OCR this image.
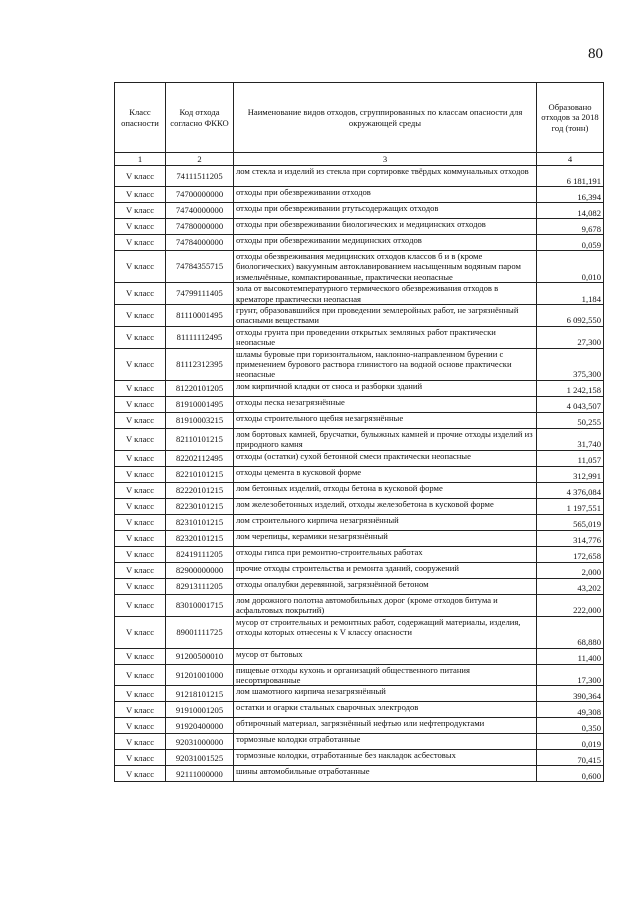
80
Класс опасности	Код отхода согласно ФККО	Наименование видов отходов, сгруппированных по классам опасности для окружающей среды	Образовано отходов за 2018 год (тонн)
1	2	3	4
V класс	74111511205	лом стекла и изделий из стекла при сортировке твёрдых коммунальных отходов	6 181,191
V класс	74700000000	отходы при обезвреживании отходов	16,394
V класс	74740000000	отходы при обезвреживании ртутьсодержащих отходов	14,082
V класс	74780000000	отходы при обезвреживании биологических и медицинских отходов	9,678
V класс	74784000000	отходы при обезвреживании медицинских отходов	0,059
V класс	74784355715	отходы обезвреживания медицинских отходов классов б и в (кроме биологических) вакуумным автоклавированием насыщенным водяным паром измельчённые, компактированные, практически неопасные	0,010
V класс	74799111405	зола от высокотемпературного термического обезвреживания отходов в крематоре практически неопасная	1,184
V класс	81110001495	грунт, образовавшийся при проведении землеройных работ, не загрязнённый опасными веществами	6 092,550
V класс	81111112495	отходы грунта при проведении открытых земляных работ практически неопасные	27,300
V класс	81112312395	шламы буровые при горизонтальном, наклонно-направленном бурении с применением бурового раствора глинистого на водной основе практически неопасные	375,300
V класс	81220101205	лом кирпичной кладки от сноса и разборки зданий	1 242,158
V класс	81910001495	отходы песка незагрязнённые	4 043,507
V класс	81910003215	отходы строительного щебня незагрязнённые	50,255
V класс	82110101215	лом бортовых камней, брусчатки, булыжных камней и прочие отходы изделий из природного камня	31,740
V класс	82202112495	отходы (остатки) сухой бетонной смеси практически неопасные	11,057
V класс	82210101215	отходы цемента в кусковой форме	312,991
V класс	82220101215	лом бетонных изделий, отходы бетона в кусковой форме	4 376,084
V класс	82230101215	лом железобетонных изделий, отходы железобетона в кусковой форме	1 197,551
V класс	82310101215	лом строительного кирпича незагрязнённый	565,019
V класс	82320101215	лом черепицы, керамики незагрязнённый	314,776
V класс	82419111205	отходы гипса при ремонтно-строительных работах	172,658
V класс	82900000000	прочие отходы строительства и ремонта зданий, сооружений	2,000
V класс	82913111205	отходы опалубки деревянной, загрязнённой бетоном	43,202
V класс	83010001715	лом дорожного полотна автомобильных дорог (кроме отходов битума и асфальтовых покрытий)	222,000
V класс	89001111725	мусор от строительных и ремонтных работ, содержащий материалы, изделия, отходы которых отнесены к V классу опасности	68,880
V класс	91200500010	мусор от бытовых	11,400
V класс	91201001000	пищевые отходы кухонь и организаций общественного питания несортированные	17,300
V класс	91218101215	лом шамотного кирпича незагрязнённый	390,364
V класс	91910001205	остатки и огарки стальных сварочных электродов	49,308
V класс	91920400000	обтирочный материал, загрязнённый нефтью или нефтепродуктами	0,350
V класс	92031000000	тормозные колодки отработанные	0,019
V класс	92031001525	тормозные колодки, отработанные без накладок асбестовых	70,415
V класс	92111000000	шины автомобильные отработанные	0,600
